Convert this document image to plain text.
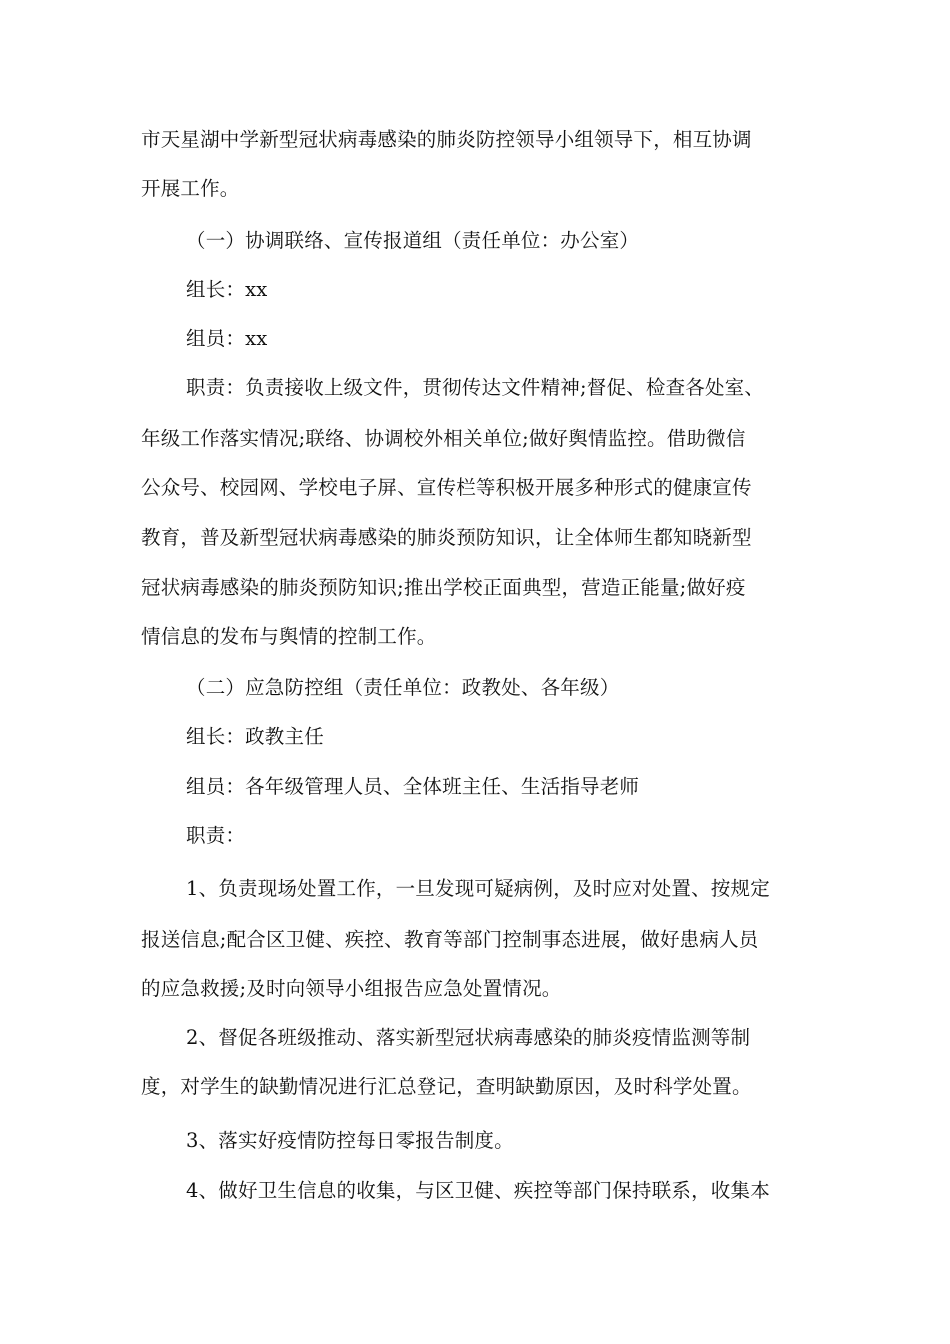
市天星湖中学新型冠状病毒感染的肺炎防控领导小组领导下，相互协调
开展工作。
（一）协调联络、宣传报道组（责任单位：办公室）
组长：xx
组员：xx
职责：负责接收上级文件，贯彻传达文件精神;督促、检查各处室、
年级工作落实情况;联络、协调校外相关单位;做好舆情监控。借助微信
公众号、校园网、学校电子屏、宣传栏等积极开展多种形式的健康宣传
教育，普及新型冠状病毒感染的肺炎预防知识，让全体师生都知晓新型
冠状病毒感染的肺炎预防知识;推出学校正面典型，营造正能量;做好疫
情信息的发布与舆情的控制工作。
（二）应急防控组（责任单位：政教处、各年级）
组长：政教主任
组员：各年级管理人员、全体班主任、生活指导老师
职责：
1、负责现场处置工作，一旦发现可疑病例，及时应对处置、按规定
报送信息;配合区卫健、疾控、教育等部门控制事态进展，做好患病人员
的应急救援;及时向领导小组报告应急处置情况。
2、督促各班级推动、落实新型冠状病毒感染的肺炎疫情监测等制
度，对学生的缺勤情况进行汇总登记，查明缺勤原因，及时科学处置。
3、落实好疫情防控每日零报告制度。
4、做好卫生信息的收集，与区卫健、疾控等部门保持联系，收集本
